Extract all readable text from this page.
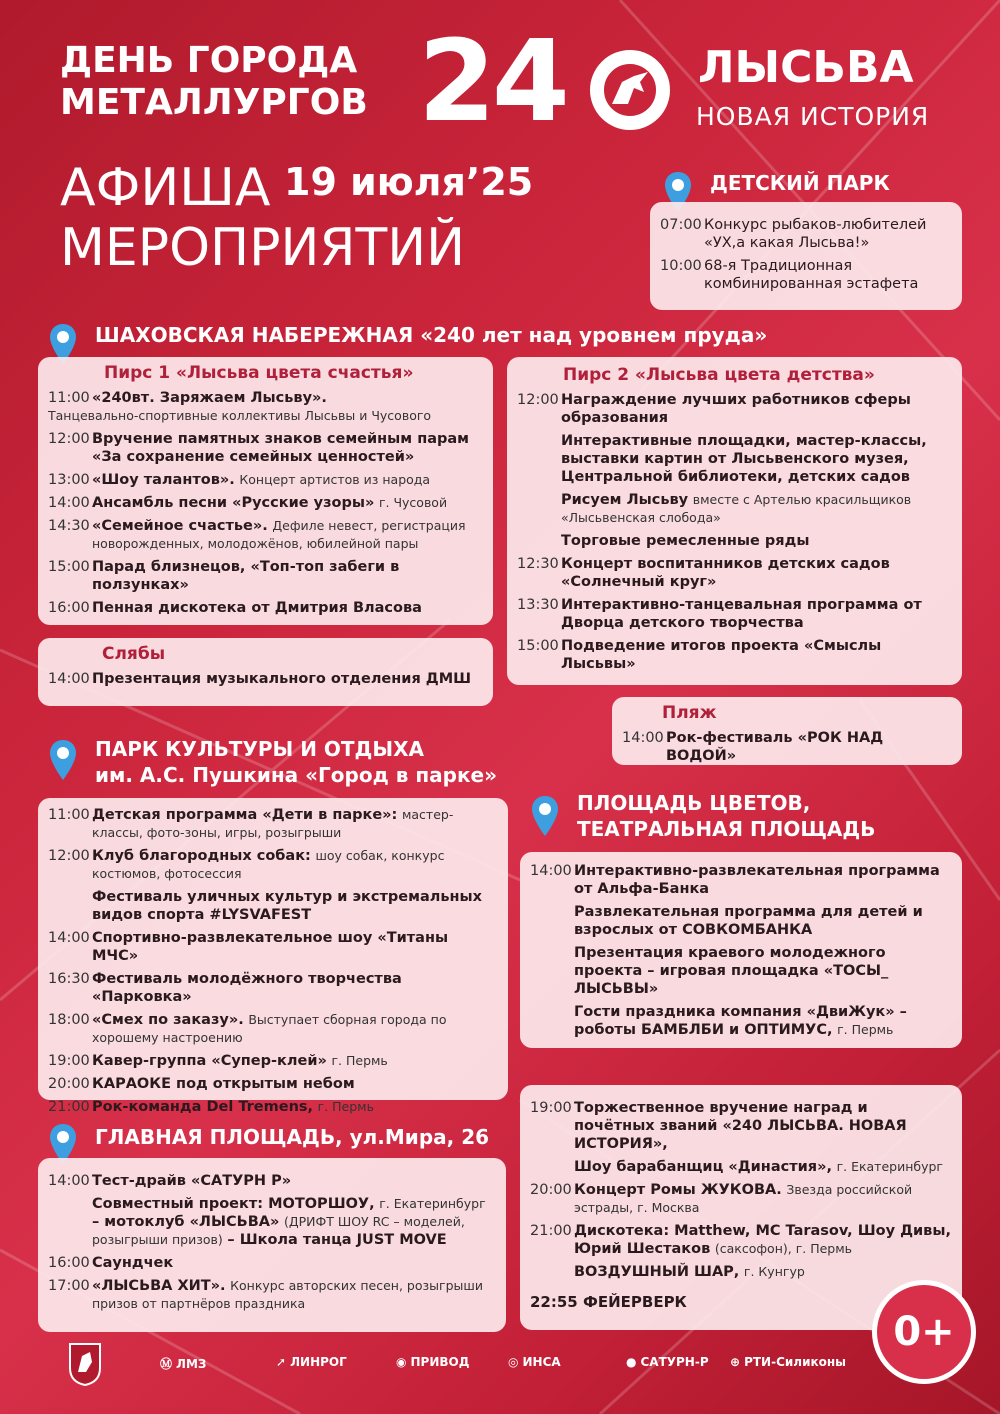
ДЕНЬ ГОРОДА
МЕТАЛЛУРГОВ 24	ЛЫСЬВА
НОВАЯ ИСТОРИЯ
АФИША 19 июля’25
МЕРОПРИЯТИЙ
ДЕТСКИЙ ПАРК
07:00 Конкурс рыбаков-любителей «УХ,а какая Лысьва!»
10:00 68-я Традиционная комбинированная эстафета
ШАХОВСКАЯ НАБЕРЕЖНАЯ «240 лет над уровнем пруда»
Пирс 1 «Лысьва цвета счастья»
11:00 «240вт. Заряжаем Лысьву».
Танцевально-спортивные коллективы Лысьвы и Чусового
12:00 Вручение памятных знаков семейным парам «За сохранение семейных ценностей»
13:00 «Шоу талантов». Концерт артистов из народа
14:00 Ансамбль песни «Русские узоры» г. Чусовой
14:30 «Семейное счастье». Дефиле невест, регистрация новорожденных, молодожёнов, юбилейной пары
15:00 Парад близнецов, «Топ-топ забеги в ползунках»
16:00 Пенная дискотека от Дмитрия Власова
Слябы
14:00 Презентация музыкального отделения ДМШ
Пирс 2 «Лысьва цвета детства»
12:00 Награждение лучших работников сферы образования
Интерактивные площадки, мастер-классы, выставки картин от Лысьвенского музея, Центральной библиотеки, детских садов
Рисуем Лысьву вместе с Артелью красильщиков «Лысьвенская слобода»
Торговые ремесленные ряды
12:30 Концерт воспитанников детских садов «Солнечный круг»
13:30 Интерактивно-танцевальная программа от Дворца детского творчества
15:00 Подведение итогов проекта «Смыслы Лысьвы»
Пляж
14:00 Рок-фестиваль «РОК НАД ВОДОЙ»
ПАРК КУЛЬТУРЫ И ОТДЫХА
им. А.С. Пушкина «Город в парке»
11:00 Детская программа «Дети в парке»: мастер-классы, фото-зоны, игры, розыгрыши
12:00 Клуб благородных собак: шоу собак, конкурс костюмов, фотосессия
Фестиваль уличных культур и экстремальных видов спорта #LYSVAFEST
14:00 Спортивно-развлекательное шоу «Титаны МЧС»
16:30 Фестиваль молодёжного творчества «Парковка»
18:00 «Смех по заказу». Выступает сборная города по хорошему настроению
19:00 Кавер-группа «Супер-клей» г. Пермь
20:00 КАРАОКЕ под открытым небом
21:00 Рок-команда Del Tremens, г. Пермь
ПЛОЩАДЬ ЦВЕТОВ,
ТЕАТРАЛЬНАЯ ПЛОЩАДЬ
14:00 Интерактивно-развлекательная программа от Альфа-Банка
Развлекательная программа для детей и взрослых от СОВКОМБАНКА
Презентация краевого молодежного проекта – игровая площадка «ТОСЫ_ ЛЫСЬВЫ»
Гости праздника компания «ДвиЖук» – роботы БАМБЛБИ и ОПТИМУС, г. Пермь
ГЛАВНАЯ ПЛОЩАДЬ, ул.Мира, 26
14:00 Тест-драйв «САТУРН Р»
Совместный проект: МОТОРШОУ, г. Екатеринбург – мотоклуб «ЛЫСЬВА» (ДРИФТ ШОУ RC – моделей, розыгрыши призов) – Школа танца JUST MOVE
16:00 Саундчек
17:00 «ЛЫСЬВА ХИТ». Конкурс авторских песен, розыгрыши призов от партнёров праздника
19:00 Торжественное вручение наград и почётных званий «240 ЛЫСЬВА. НОВАЯ ИСТОРИЯ»,
Шоу барабанщиц «Династия», г. Екатеринбург
20:00 Концерт Ромы ЖУКОВА. Звезда российской эстрады, г. Москва
21:00 Дискотека: Matthew, MC Tarasov, Шоу Дивы, Юрий Шестаков (саксофон), г. Пермь
ВОЗДУШНЫЙ ШАР, г. Кунгур
22:55 ФЕЙЕРВЕРК
0+
Ⓜ ЛМЗ	➚ ЛИНРОГ	◉ ПРИВОД	◎ ИНСА	● САТУРН-Р ⊕ РТИ-Силиконы
